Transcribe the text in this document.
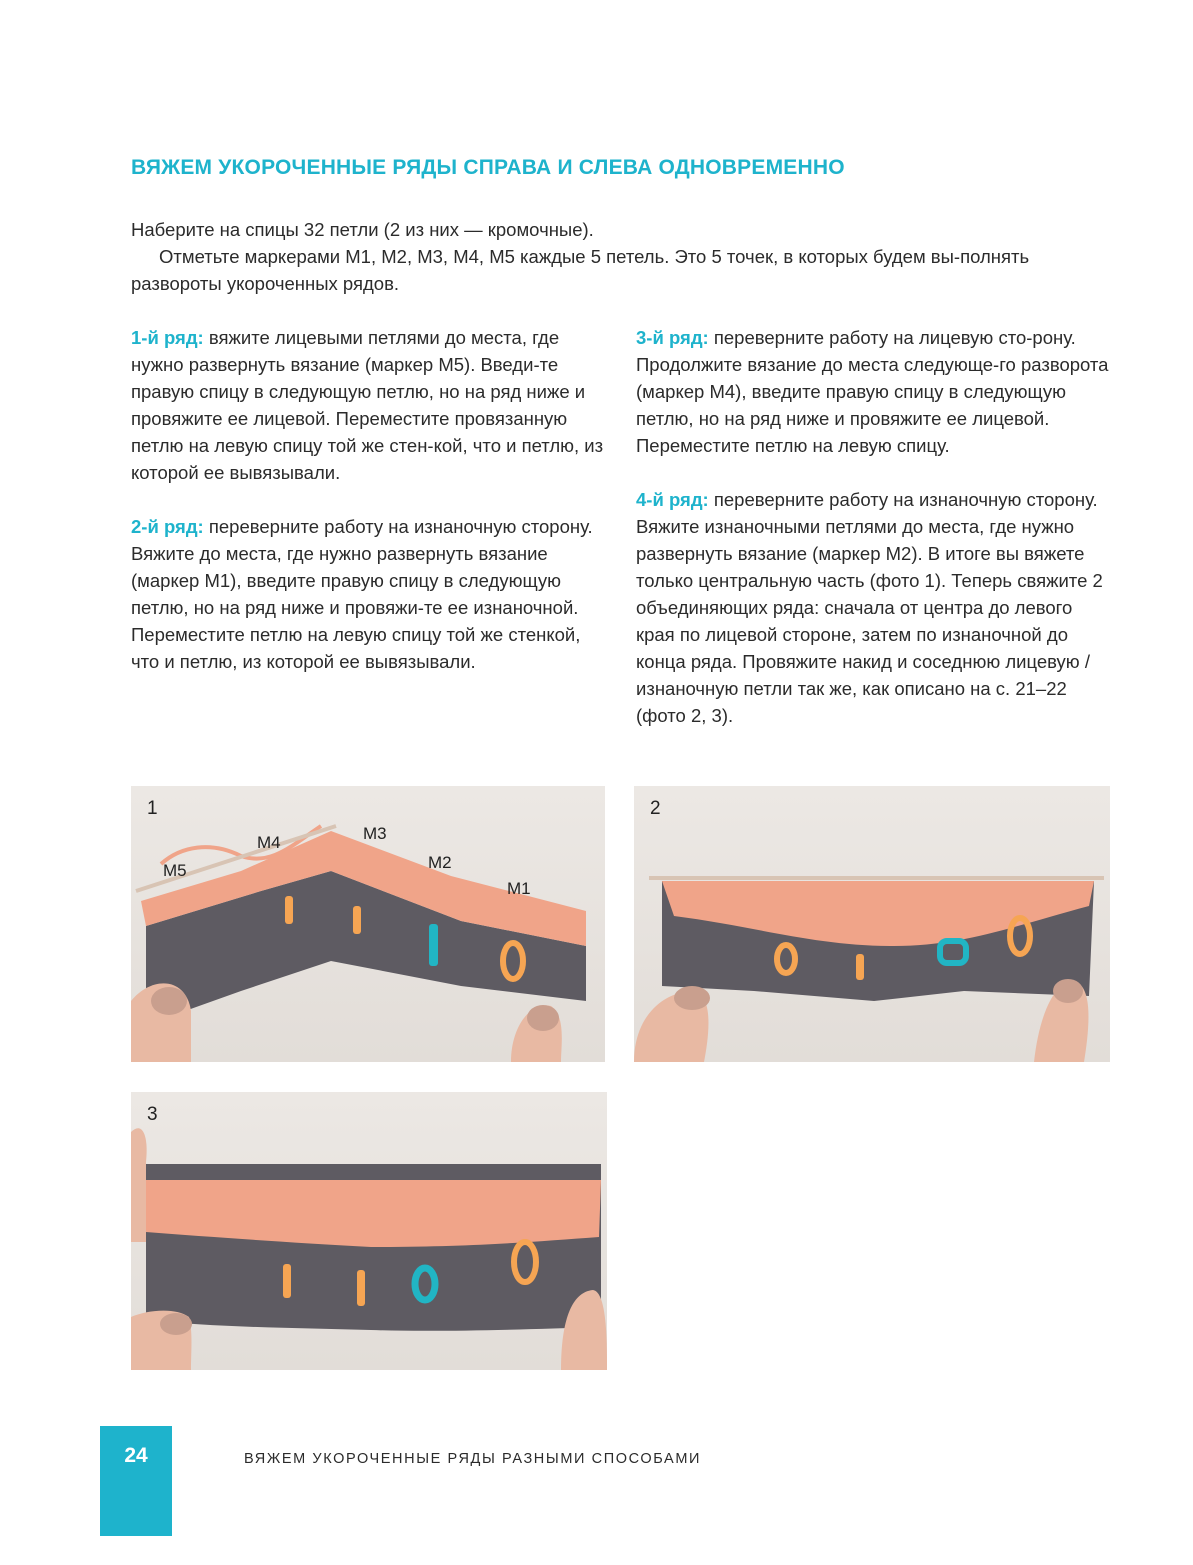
ВЯЖЕМ УКОРОЧЕННЫЕ РЯДЫ СПРАВА И СЛЕВА ОДНОВРЕМЕННО

Наберите на спицы 32 петли (2 из них — кромочные).

Отметьте маркерами М1, М2, М3, М4, М5 каждые 5 петель. Это 5 точек, в которых будем вы-полнять развороты укороченных рядов.

1-й ряд: вяжите лицевыми петлями до места, где нужно развернуть вязание (маркер М5). Введи-те правую спицу в следующую петлю, но на ряд ниже и провяжите ее лицевой. Переместите провязанную петлю на левую спицу той же стен-кой, что и петлю, из которой ее вывязывали.

2-й ряд: переверните работу на изнаночную сторону. Вяжите до места, где нужно развернуть вязание (маркер М1), введите правую спицу в следующую петлю, но на ряд ниже и провяжи-те ее изнаночной. Переместите петлю на левую спицу той же стенкой, что и петлю, из которой ее вывязывали.

3-й ряд: переверните работу на лицевую сто-рону. Продолжите вязание до места следующе-го разворота (маркер М4), введите правую спицу в следующую петлю, но на ряд ниже и провяжите ее лицевой. Переместите петлю на левую спицу.

4-й ряд: переверните работу на изнаночную сторону. Вяжите изнаночными петлями до места, где нужно развернуть вязание (маркер М2). В итоге вы вяжете только центральную часть (фото 1). Теперь свяжите 2 объединяющих ряда: сначала от центра до левого края по лицевой стороне, затем по изнаночной до конца ряда. Провяжите накид и соседнюю лицевую / изнаночную петли так же, как описано на с. 21–22 (фото 2, 3).

М5
М4	М3
М2
М1
1	2
3
24	ВЯЖЕМ УКОРОЧЕННЫЕ РЯДЫ РАЗНЫМИ СПОСОБАМИ
